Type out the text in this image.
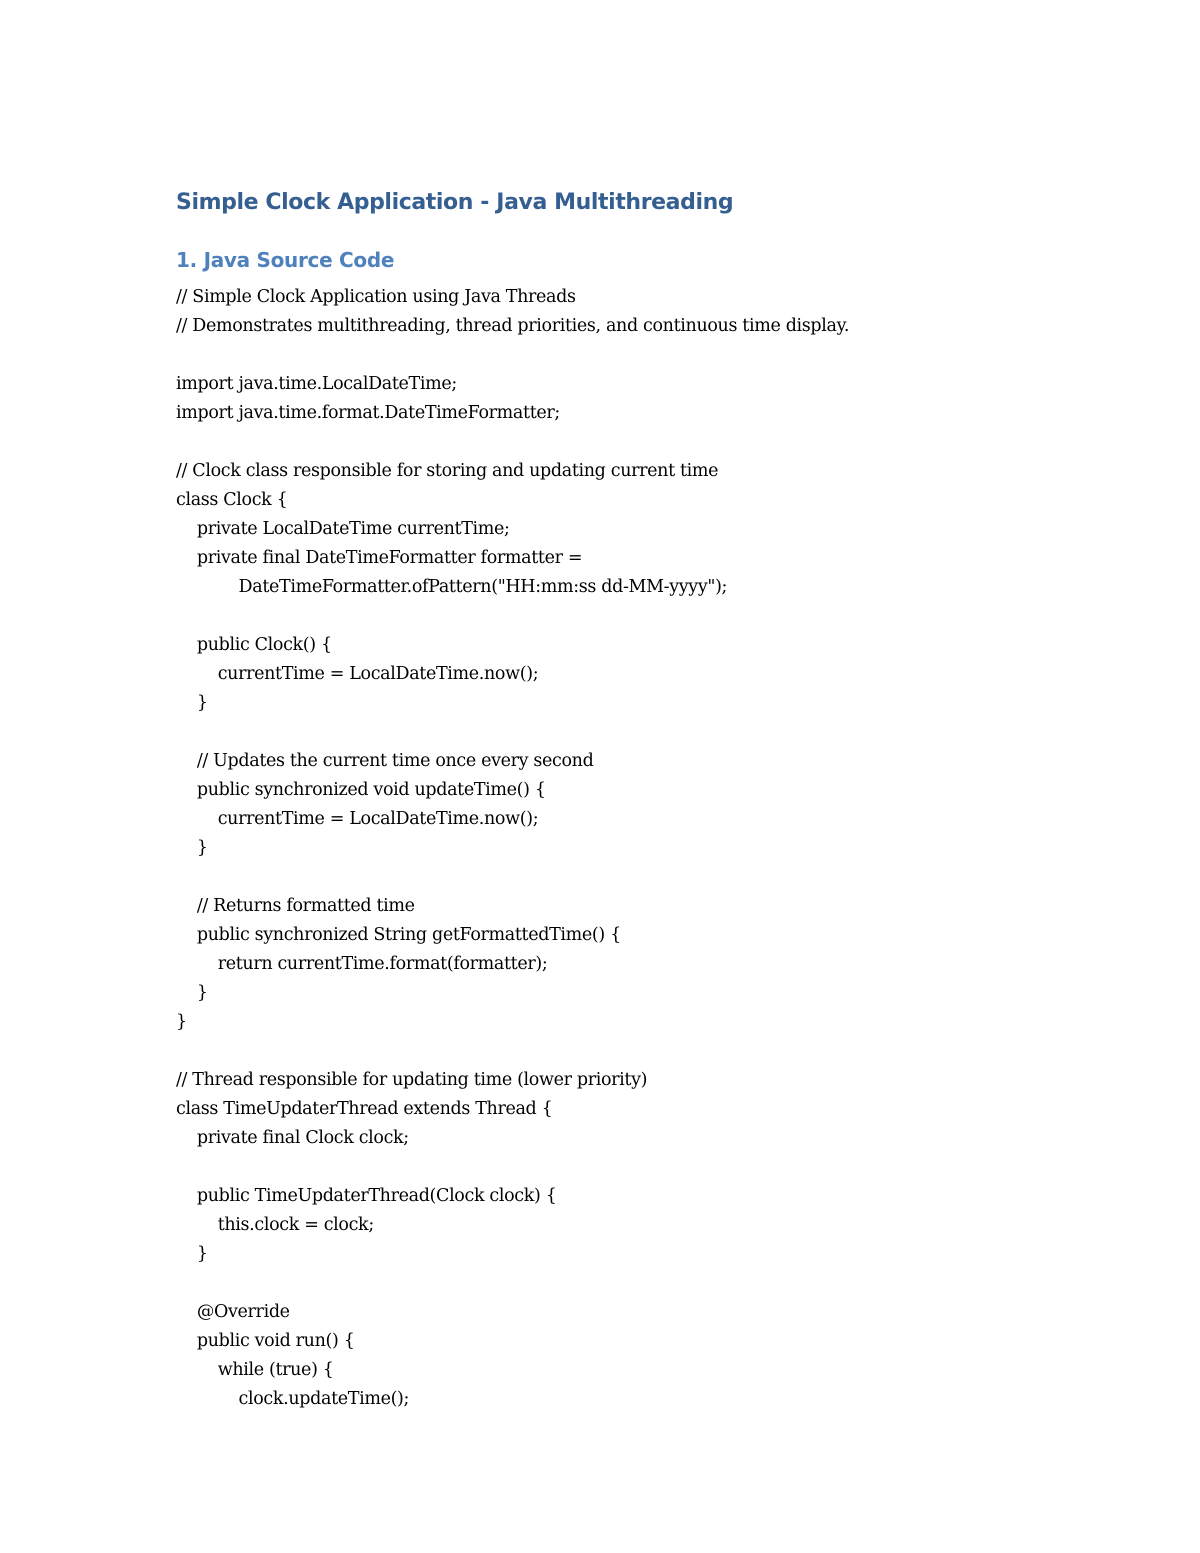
Simple Clock Application - Java Multithreading
1. Java Source Code
// Simple Clock Application using Java Threads
// Demonstrates multithreading, thread priorities, and continuous time display.
import java.time.LocalDateTime;
import java.time.format.DateTimeFormatter;
// Clock class responsible for storing and updating current time
class Clock {
private LocalDateTime currentTime;
private final DateTimeFormatter formatter =
DateTimeFormatter.ofPattern("HH:mm:ss dd-MM-yyyy");
public Clock() {
currentTime = LocalDateTime.now();
}
// Updates the current time once every second
public synchronized void updateTime() {
currentTime = LocalDateTime.now();
}
// Returns formatted time
public synchronized String getFormattedTime() {
return currentTime.format(formatter);
}
}
// Thread responsible for updating time (lower priority)
class TimeUpdaterThread extends Thread {
private final Clock clock;
public TimeUpdaterThread(Clock clock) {
this.clock = clock;
}
@Override
public void run() {
while (true) {
clock.updateTime();
